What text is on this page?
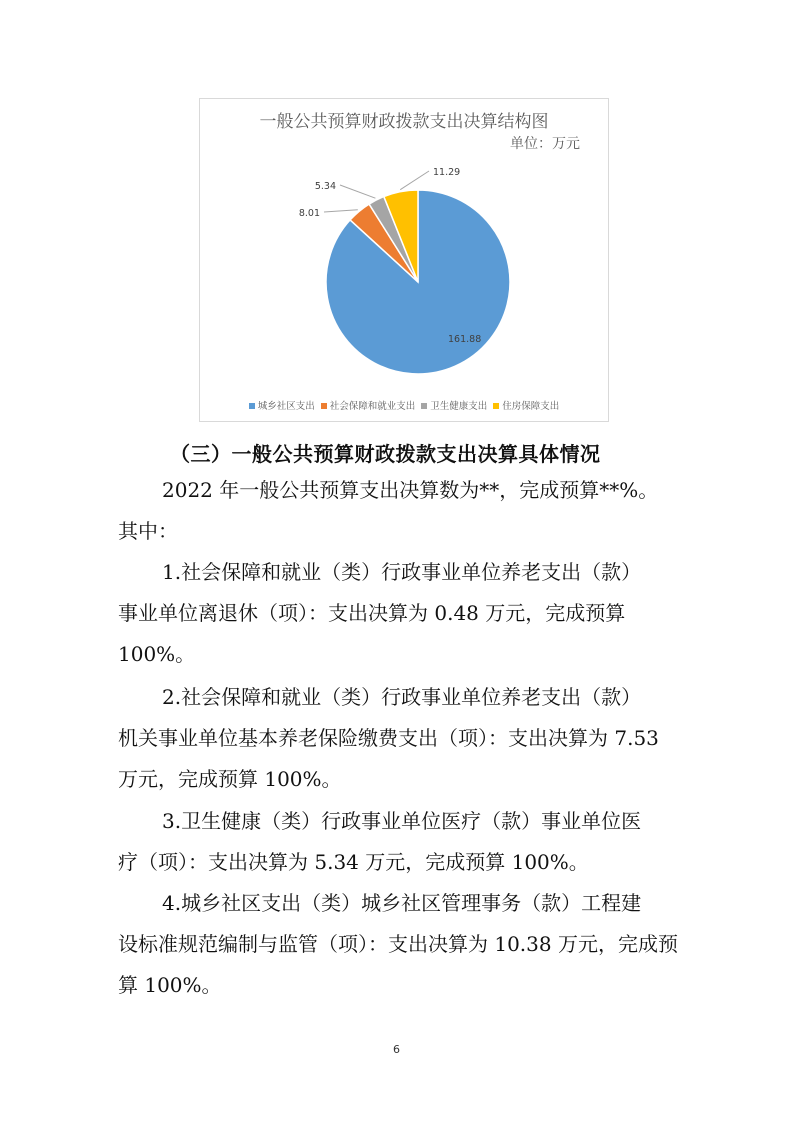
一般公共预算财政拨款支出决算结构图
单位：万元
161.88
8.01
5.34
11.29
城乡社区支出 社会保障和就业支出 卫生健康支出 住房保障支出
（三）一般公共预算财政拨款支出决算具体情况

2022 年一般公共预算支出决算数为**，完成预算**%。
其中：

1.社会保障和就业（类）行政事业单位养老支出（款）
事业单位离退休（项）：支出决算为 0.48 万元，完成预算 100%。

2.社会保障和就业（类）行政事业单位养老支出（款）
机关事业单位基本养老保险缴费支出（项）：支出决算为 7.53 万元，完成预算 100%。

3.卫生健康（类）行政事业单位医疗（款）事业单位医
疗（项）：支出决算为 5.34 万元，完成预算 100%。

4.城乡社区支出（类）城乡社区管理事务（款）工程建
设标准规范编制与监管（项）：支出决算为 10.38 万元，完成预算 100%。

6
